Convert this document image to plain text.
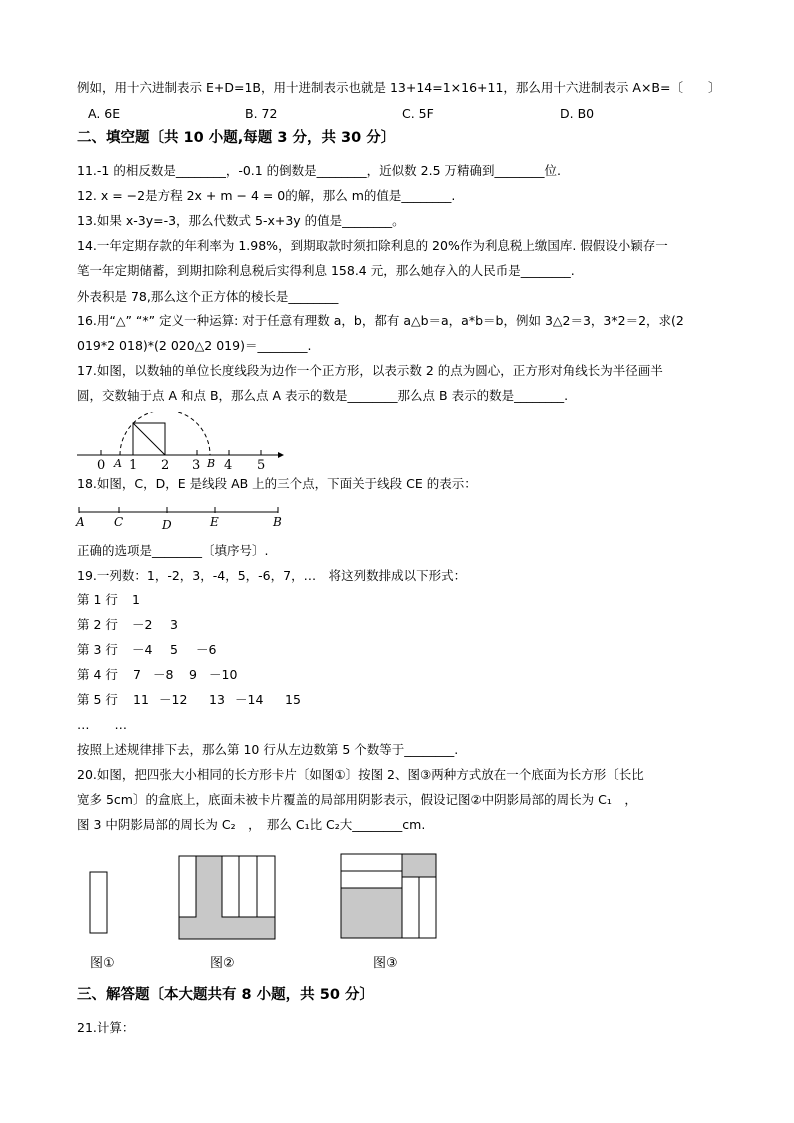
例如，用十六进制表示 E+D=1B，用十进制表示也就是 13+14=1×16+11，那么用十六进制表示 A×B=〔　　〕
A. 6E	B. 72	C. 5F	D. B0
二、填空题〔共 10 小题,每题 3 分，共 30 分〕
11.-1 的相反数是________，-0.1 的倒数是________，近似数 2.5 万精确到________位.
12. x = −2是方程 2x + m − 4 = 0的解，那么 m的值是________.
13.如果 x-3y=-3，那么代数式 5-x+3y 的值是________。
14.一年定期存款的年利率为 1.98%，到期取款时须扣除利息的 20%作为利息税上缴国库. 假假设小颖存一
笔一年定期储蓄，到期扣除利息税后实得利息 158.4 元，那么她存入的人民币是________.
外表积是 78,那么这个正方体的棱长是________
16.用“△” “*” 定义一种运算: 对于任意有理数 a，b，都有 a△b＝a，a*b＝b，例如 3△2＝3，3*2＝2，求(2
019*2 018)*(2 020△2 019)＝________.
17.如图，以数轴的单位长度线段为边作一个正方形，以表示数 2 的点为圆心，正方形对角线长为半径画半
圆，交数轴于点 A 和点 B，那么点 A 表示的数是________那么点 B 表示的数是________.
0 1 2 3 4 5
A	B
18.如图，C，D，E 是线段 AB 上的三个点，下面关于线段 CE 的表示：
A C	D	E	B
正确的选项是________〔填序号〕.
19.一列数：1，-2，3，-4，5，-6，7，…　将这列数排成以下形式：
第 1 行 1
第 2 行 －2 3
第 3 行 －4 5 －6
第 4 行 7 －8 9 －10
第 5 行 11 －12 13 －14 15
…　　…
按照上述规律排下去，那么第 10 行从左边数第 5 个数等于________.
20.如图，把四张大小相同的长方形卡片〔如图①〕按图 2、图③两种方式放在一个底面为长方形〔长比
宽多 5cm〕的盒底上，底面未被卡片覆盖的局部用阴影表示，假设记图②中阴影局部的周长为 C₁　，
图 3 中阴影局部的周长为 C₂　，　那么 C₁比 C₂大________cm.
图①	图②	图③
三、解答题〔本大题共有 8 小题，共 50 分〕
21.计算：
